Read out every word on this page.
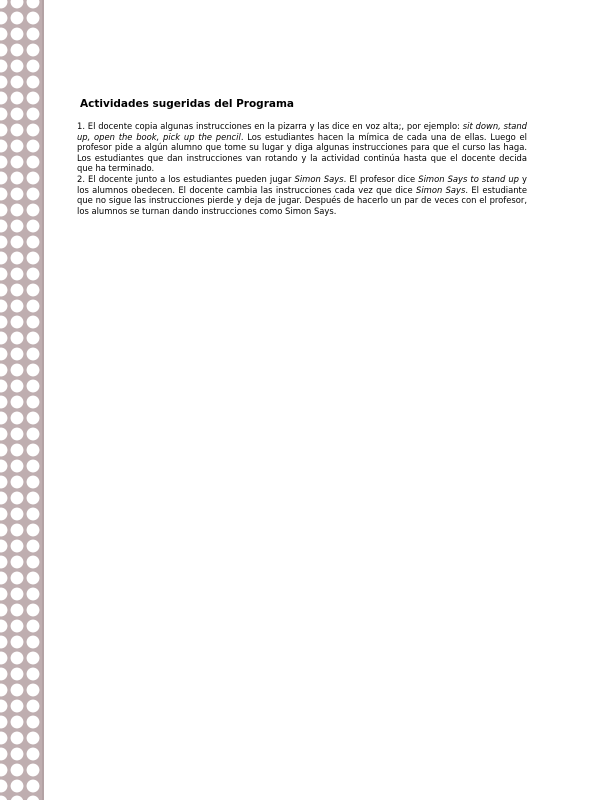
Actividades sugeridas del Programa

1. El docente copia algunas instrucciones en la pizarra y las dice en voz alta;, por ejemplo: sit down, stand up, open the book, pick up the pencil. Los estudiantes hacen la mímica de cada una de ellas. Luego el profesor pide a algún alumno que tome su lugar y diga algunas instrucciones para que el curso las haga. Los estudiantes que dan instrucciones van rotando y la actividad continúa hasta que el docente decida que ha terminado.

2. El docente junto a los estudiantes pueden jugar Simon Says. El profesor dice Simon Says to stand up y los alumnos obedecen. El docente cambia las instrucciones cada vez que dice Simon Says. El estudiante que no sigue las instrucciones pierde y deja de jugar. Después de hacerlo un par de veces con el profesor, los alumnos se turnan dando instrucciones como Simon Says.
